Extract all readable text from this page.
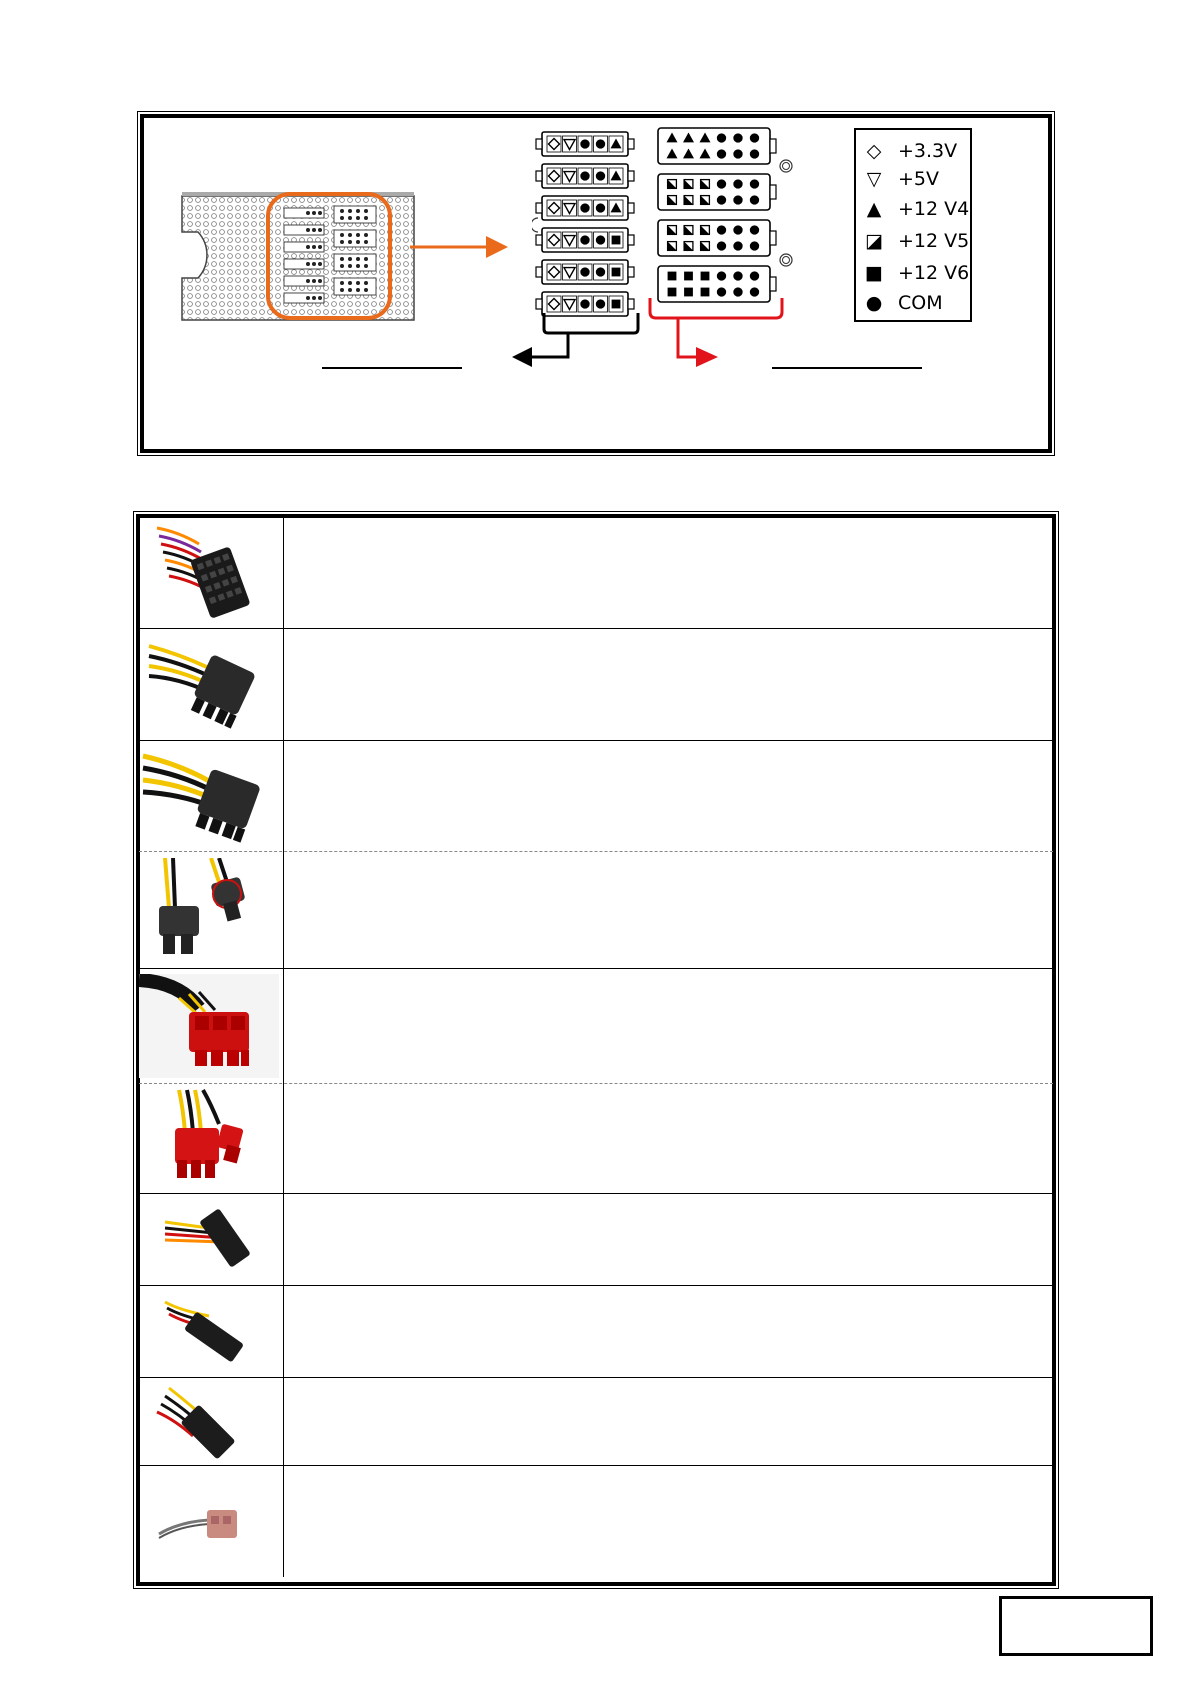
◇ +3.3V
▽ +5V
▲ +12 V4
◪ +12 V5
■ +12 V6
● COM
